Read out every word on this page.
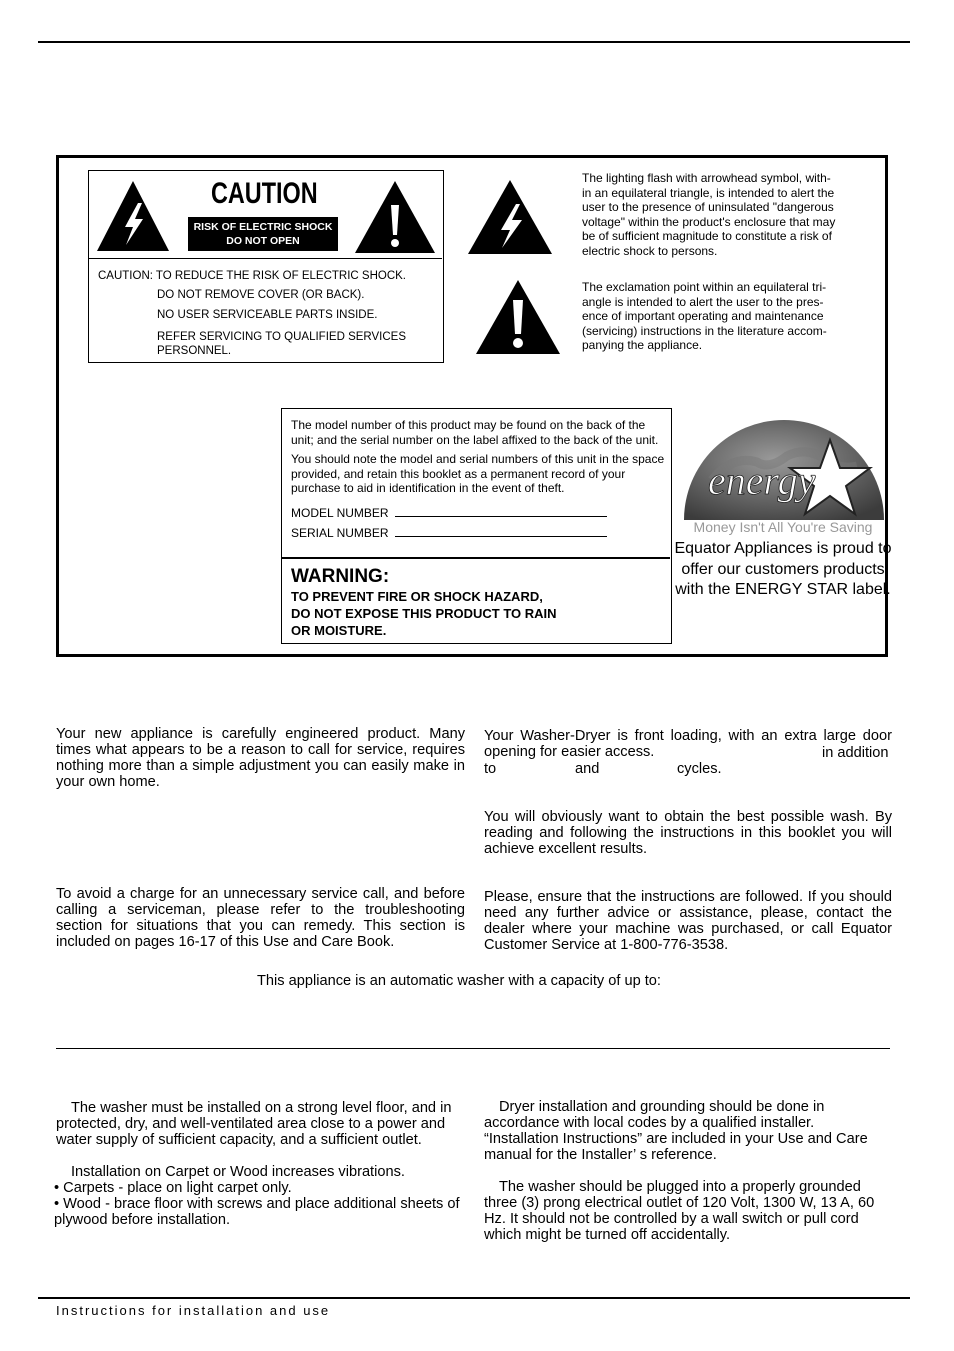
CAUTION
RISK OF ELECTRIC SHOCK
DO NOT OPEN
CAUTION: TO REDUCE THE RISK OF ELECTRIC SHOCK.
DO NOT REMOVE COVER (OR BACK).
NO USER SERVICEABLE PARTS INSIDE.
REFER SERVICING TO QUALIFIED SERVICES
PERSONNEL.
The lighting flash with arrowhead symbol, with-
in an equilateral triangle, is intended to alert the
user to the presence of uninsulated "dangerous
voltage" within the product's enclosure that may
be of sufficient magnitude to constitute a risk of
electric shock to persons.
The exclamation point within an equilateral tri-
angle is intended to alert the user to the pres-
ence of important operating and maintenance
(servicing) instructions in the literature accom-
panying the appliance.
The model number of this product may be found on the back of the unit; and the serial number on the label affixed to the back of the unit.
You should note the model and serial numbers of this unit in the space provided, and retain this booklet as a permanent record of your purchase to aid in identification in the event of theft.
MODEL NUMBER
SERIAL NUMBER
WARNING:
TO PREVENT FIRE OR SHOCK HAZARD,
DO NOT EXPOSE THIS PRODUCT TO RAIN
OR MOISTURE.
energy
Money Isn't All You're Saving
Equator Appliances is proud to offer our customers products with the ENERGY STAR label.
Your new appliance is carefully engineered product. Many times what appears to be a reason to call for service, requires nothing more than a simple adjustment you can easily make in your own home.
To avoid a charge for an unnecessary service call, and before calling a serviceman, please refer to the troubleshooting section for situations that you can remedy. This section is included on pages 16-17 of this Use and Care Book.
Your Washer-Dryer is front loading, with an extra large door opening for easier access.	in addition
to	and	cycles.
You will obviously want to obtain the best possible wash. By reading and following the instructions in this booklet you will achieve excellent results.
Please, ensure that the instructions are followed. If you should need any further advice or assistance, please, contact the dealer where your machine was purchased, or call Equator Customer Service at 1-800-776-3538.
This appliance is an automatic washer with a capacity of up to:
The washer must be installed on a strong level floor, and in protected, dry, and well-ventilated area close to a power and water supply of sufficient capacity, and a sufficient outlet.
Installation on Carpet or Wood increases vibrations.
• Carpets - place on light carpet only.
• Wood - brace floor with screws and place additional sheets of plywood before installation.
Dryer installation and grounding should be done in accordance with local codes by a qualified installer. “Installation Instructions” are included in your Use and Care manual for the Installer’ s reference.
The washer should be plugged into a properly grounded three (3) prong electrical outlet of 120 Volt, 1300 W, 13 A, 60 Hz. It should not be controlled by a wall switch or pull cord which might be turned off accidentally.
Instructions for installation and use
